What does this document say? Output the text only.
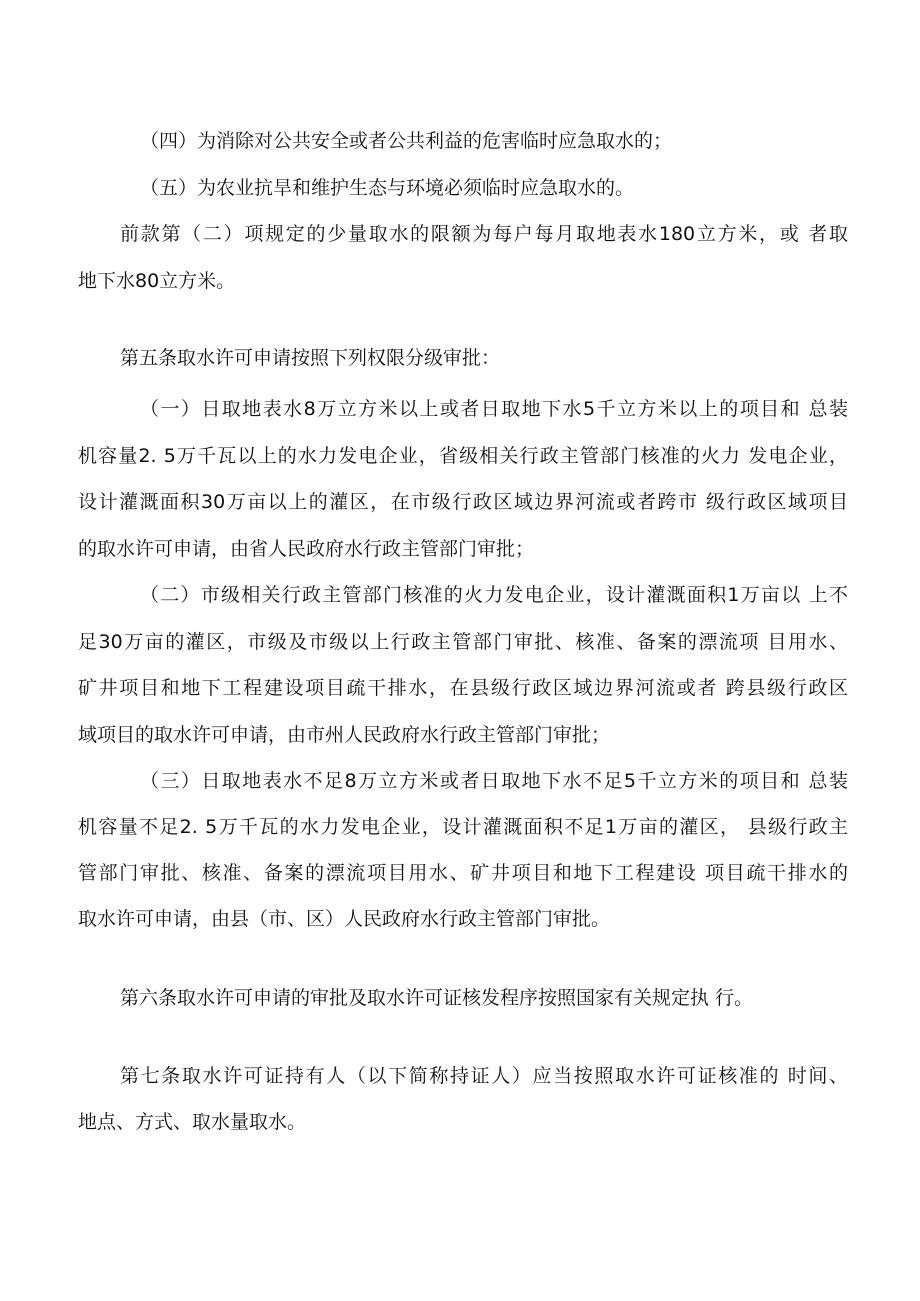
（四）为消除对公共安全或者公共利益的危害临时应急取水的；
（五）为农业抗旱和维护生态与环境必须临时应急取水的。
前款第（二）项规定的少量取水的限额为每户每月取地表水180立方米，或 者取
地下水80立方米。
第五条取水许可申请按照下列权限分级审批：
（一）日取地表水8万立方米以上或者日取地下水5千立方米以上的项目和 总装
机容量2. 5万千瓦以上的水力发电企业，省级相关行政主管部门核准的火力 发电企业，
设计灌溉面积30万亩以上的灌区，在市级行政区域边界河流或者跨市 级行政区域项目
的取水许可申请，由省人民政府水行政主管部门审批；
（二）市级相关行政主管部门核准的火力发电企业，设计灌溉面积1万亩以 上不
足30万亩的灌区，市级及市级以上行政主管部门审批、核准、备案的漂流项 目用水、
矿井项目和地下工程建设项目疏干排水，在县级行政区域边界河流或者 跨县级行政区
域项目的取水许可申请，由市州人民政府水行政主管部门审批；
（三）日取地表水不足8万立方米或者日取地下水不足5千立方米的项目和 总装
机容量不足2. 5万千瓦的水力发电企业，设计灌溉面积不足1万亩的灌区， 县级行政主
管部门审批、核准、备案的漂流项目用水、矿井项目和地下工程建设 项目疏干排水的
取水许可申请，由县（市、区）人民政府水行政主管部门审批。
第六条取水许可申请的审批及取水许可证核发程序按照国家有关规定执 行。
第七条取水许可证持有人（以下简称持证人）应当按照取水许可证核准的 时间、
地点、方式、取水量取水。
